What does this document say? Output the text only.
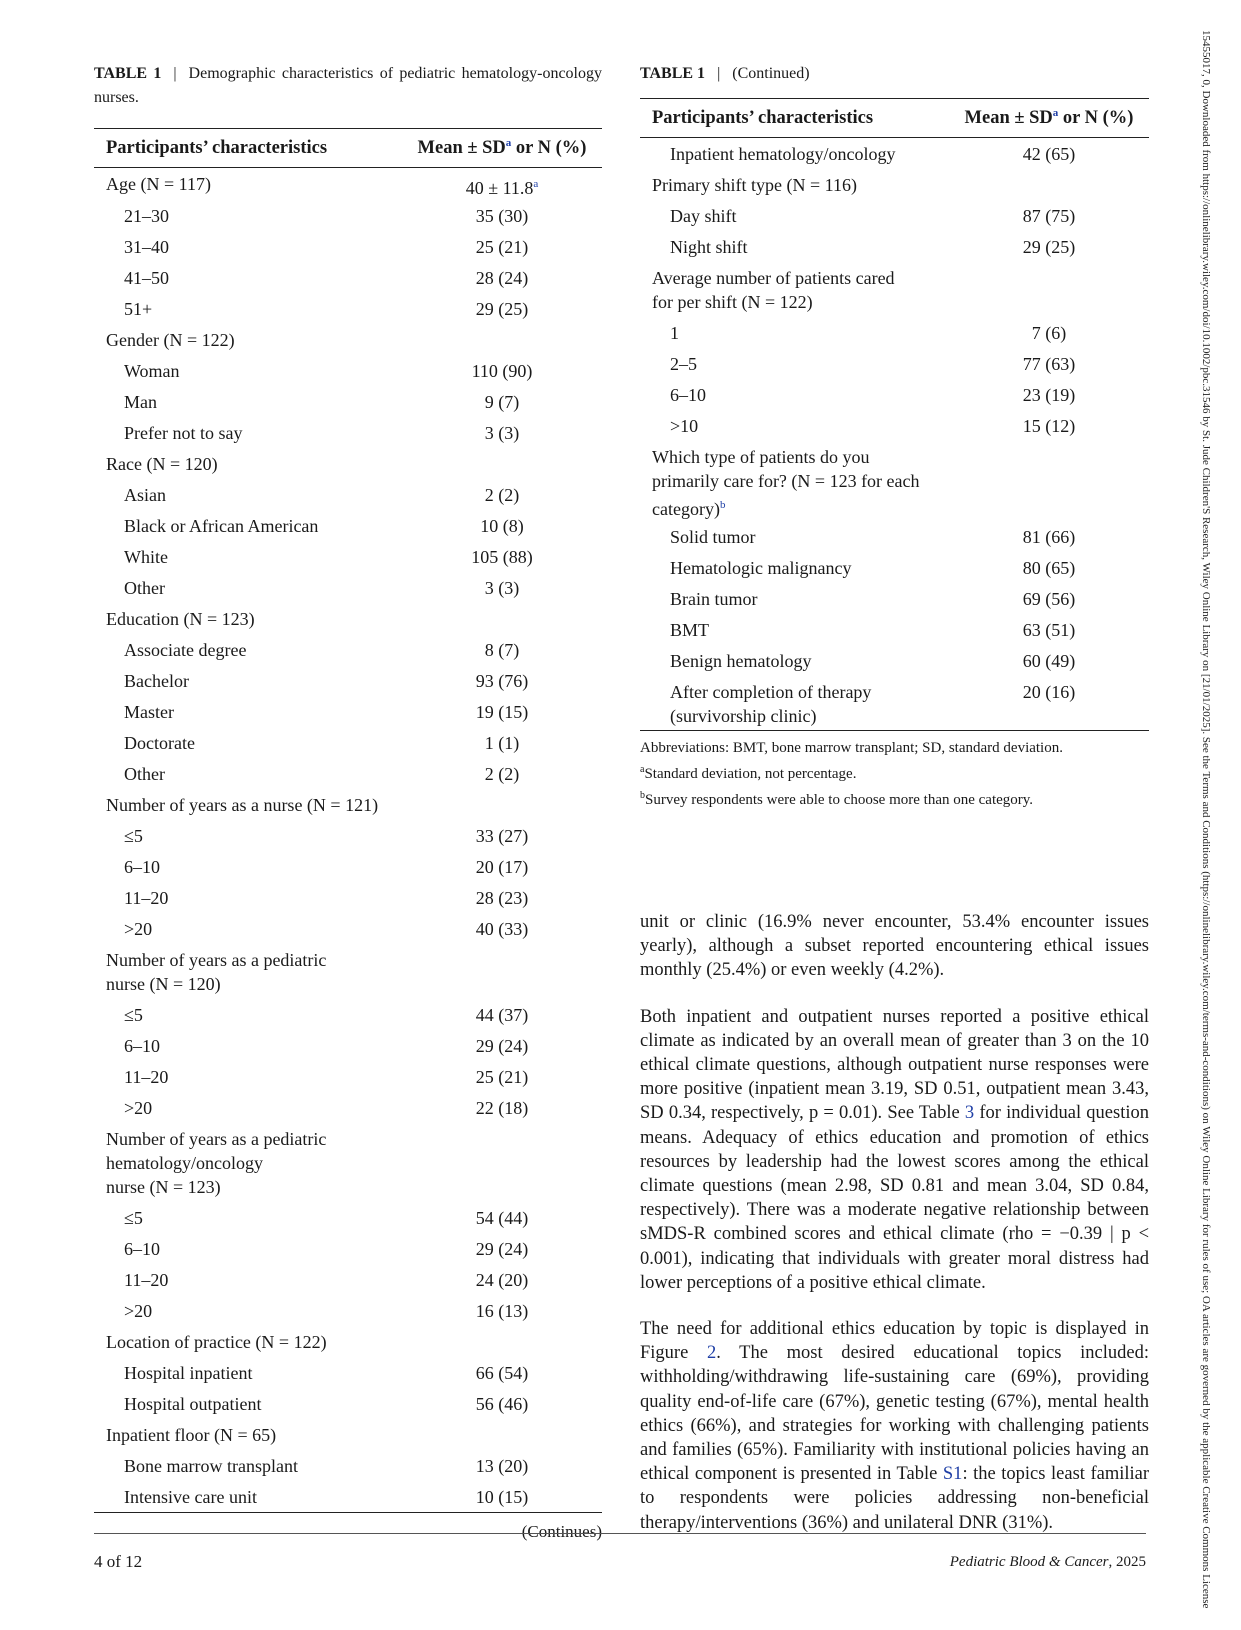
TABLE 1 | Demographic characteristics of pediatric hematology-oncology nurses.
Participants’ characteristics	Mean ± $SD^a$ or N (%)
Age (N = 117)	40 ± 11.8$^a$
21–30	35 (30)
31–40	25 (21)
41–50	28 (24)
51+	29 (25)
Gender (N = 122)	
Woman	110 (90)
Man	9 (7)
Prefer not to say	3 (3)
Race (N = 120)	
Asian	2 (2)
Black or African American	10 (8)
White	105 (88)
Other	3 (3)
Education (N = 123)	
Associate degree	8 (7)
Bachelor	93 (76)
Master	19 (15)
Doctorate	1 (1)
Other	2 (2)
Number of years as a nurse (N = 121)	
≤5	33 (27)
6–10	20 (17)
11–20	28 (23)
>20	40 (33)
Number of years as a pediatric
nurse (N = 120)	
≤5	44 (37)
6–10	29 (24)
11–20	25 (21)
>20	22 (18)
Number of years as a pediatric
hematology/oncology
nurse (N = 123)	
≤5	54 (44)
6–10	29 (24)
11–20	24 (20)
>20	16 (13)
Location of practice (N = 122)	
Hospital inpatient	66 (54)
Hospital outpatient	56 (46)
Inpatient floor (N = 65)	
Bone marrow transplant	13 (20)
Intensive care unit	10 (15)
(Continues)
TABLE 1 | (Continued)
Participants’ characteristics	Mean ± $SD^a$ or N (%)
Inpatient hematology/oncology	42 (65)
Primary shift type (N = 116)	
Day shift	87 (75)
Night shift	29 (25)
Average number of patients cared
for per shift (N = 122)	
1	7 (6)
2–5	77 (63)
6–10	23 (19)
>10	15 (12)
Which type of patients do you
primarily care for? (N = 123 for each
category)$^b$	
Solid tumor	81 (66)
Hematologic malignancy	80 (65)
Brain tumor	69 (56)
BMT	63 (51)
Benign hematology	60 (49)
After completion of therapy
(survivorship clinic)	20 (16)
Abbreviations: BMT, bone marrow transplant; SD, standard deviation.
$^a$Standard deviation, not percentage.
$^b$Survey respondents were able to choose more than one category.

unit or clinic (16.9% never encounter, 53.4% encounter issues yearly), although a subset reported encountering ethical issues monthly (25.4%) or even weekly (4.2%).

Both inpatient and outpatient nurses reported a positive ethical climate as indicated by an overall mean of greater than 3 on the 10 ethical climate questions, although outpatient nurse responses were more positive (inpatient mean 3.19, SD 0.51, outpatient mean 3.43, SD 0.34, respectively, p = 0.01). See Table 3 for individual question means. Adequacy of ethics education and promotion of ethics resources by leadership had the lowest scores among the ethical climate questions (mean 2.98, SD 0.81 and mean 3.04, SD 0.84, respectively). There was a moderate negative relationship between sMDS-R combined scores and ethical climate (rho = −0.39 | p < 0.001), indicating that individuals with greater moral distress had lower perceptions of a positive ethical climate.

The need for additional ethics education by topic is displayed in Figure 2. The most desired educational topics included: withholding/withdrawing life-sustaining care (69%), providing quality end-of-life care (67%), genetic testing (67%), mental health ethics (66%), and strategies for working with challenging patients and families (65%). Familiarity with institutional policies having an ethical component is presented in Table S1: the topics least familiar to respondents were policies addressing non-beneficial therapy/interventions (36%) and unilateral DNR (31%).

4 of 12	Pediatric Blood & Cancer, 2025	15455017, 0, Downloaded from https://onlinelibrary.wiley.com/doi/10.1002/pbc.31546 by St. Jude Children'S Research, Wiley Online Library on [21/01/2025]. See the Terms and Conditions (https://onlinelibrary.wiley.com/terms-and-conditions) on Wiley Online Library for rules of use; OA articles are governed by the applicable Creative Commons License
